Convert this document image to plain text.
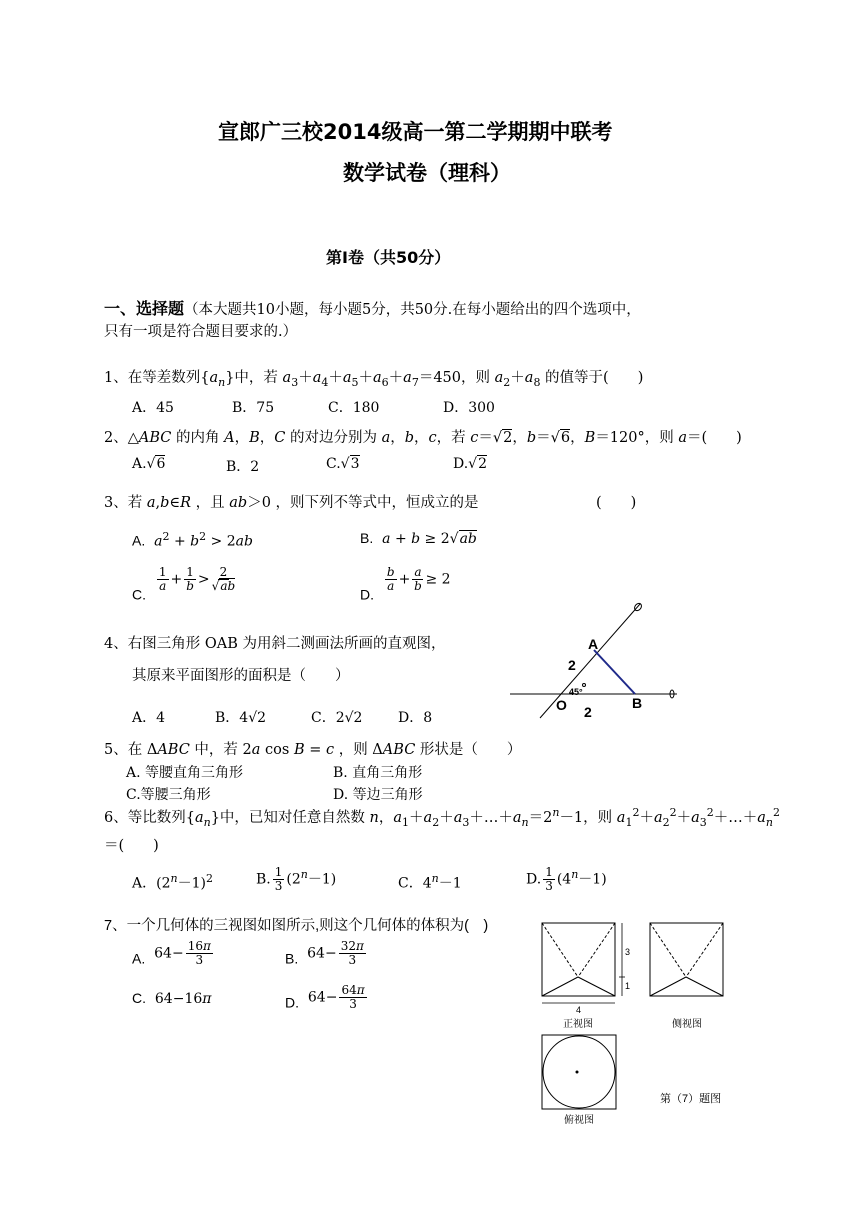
宣郎广三校2014级高一第二学期期中联考
数学试卷（理科）
第Ⅰ卷（共50分）
一、选择题（本大题共10小题，每小题5分，共50分.在每小题给出的四个选项中，
只有一项是符合题目要求的.）
1、在等差数列$\{a_n\}$中，若 $a_3+a_4+a_5+a_6+a_7=450$，则 $a_2+a_8$ 的值等于(　　)
A．45	B．75	C．180	D．300
2、△ABC 的内角 A，B，C 的对边分别为 a，b，c，若 c＝√2，b＝√6，B＝120°，则 a＝(　　)
A.√6	B．2	C.√3	D.√2
3、若 a,b∈R ，且 ab＞0 ，则下列不等式中，恒成立的是	(　　)
A. $a^2 + b^2 > 2ab$	B. a + b ≥ 2√ab
C.
$\frac{1}{a} + \frac{1}{b} > \frac{2}{√ab}$
D.
$\frac{b}{a} + \frac{a}{b} \ge 2$
4、右图三角形 OAB 为用斜二测画法所画的直观图，
其原来平面图形的面积是（　　）
A．4	B．4√2	C．2√2	D．8
A
2
45°
O 2
B
5、在 ΔABC 中，若 2a cos B = c ，则 ΔABC 形状是（　　）
A. 等腰直角三角形	B. 直角三角形
C.等腰三角形	D. 等边三角形
6、等比数列$\{a_n\}$中，已知对任意自然数 n，$a_1+a_2+a_3+\dots+a_n=2^n-1$，则 $a_1^2+a_2^2+a_3^2+\dots+a_n^2$
＝(　　)
A．$(2^n-1)^2$	B. $\frac{1}{3} (2^n-1)$	C．$4^n-1$	D. $\frac{1}{3} (4^n-1)$
7、一个几何体的三视图如图所示,则这个几何体的体积为(　)
A.  $64- \frac{16\pi}{3}$	B.  $64- \frac{32\pi}{3}$
C.  64−16π	D.  $64- \frac{64\pi}{3}$	4
3
1
正视图	侧视图
俯视图
第（7）题图
